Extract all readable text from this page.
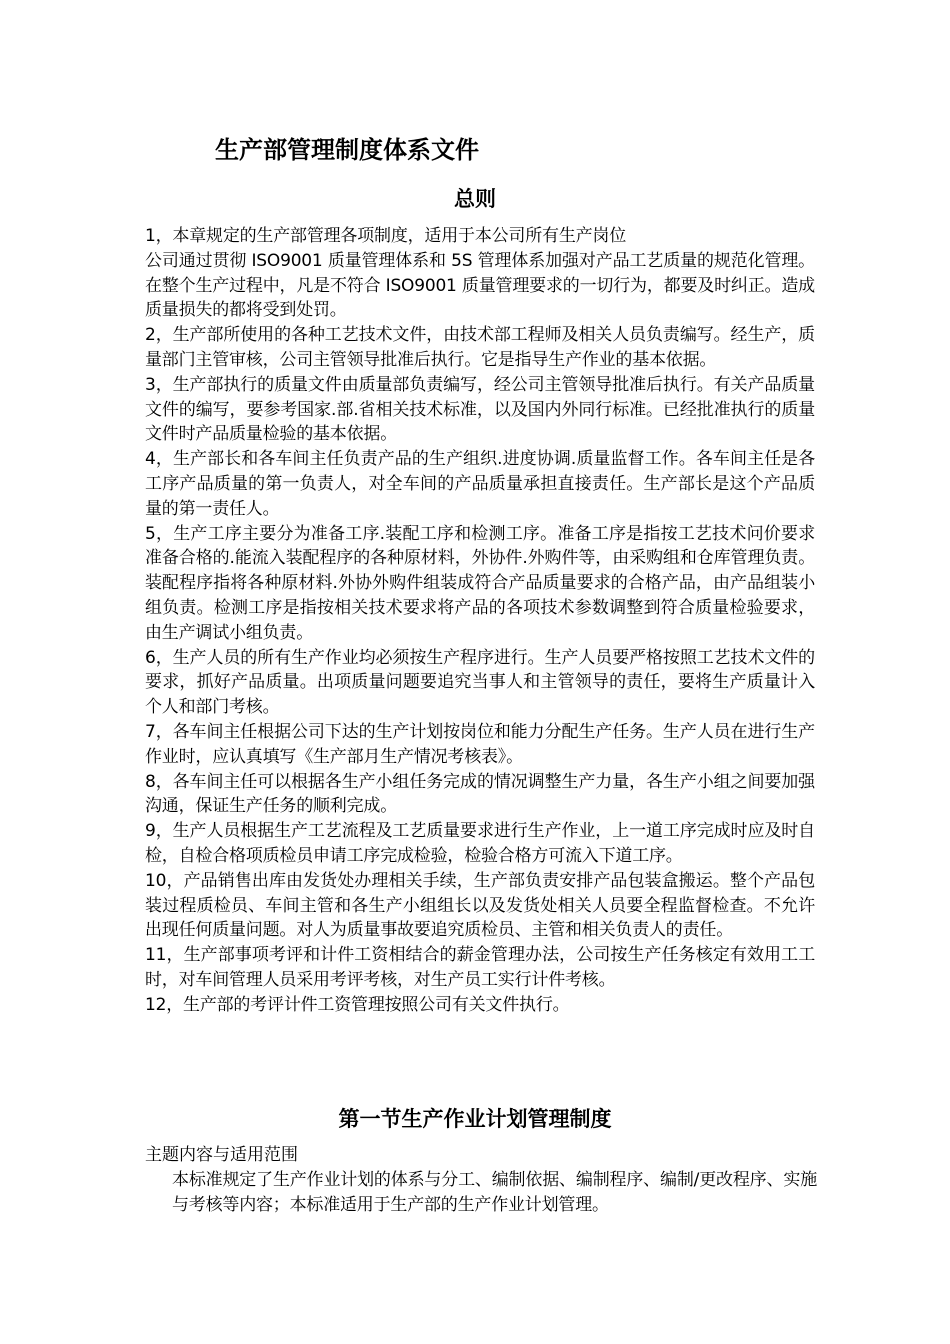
生产部管理制度体系文件
总则

1，本章规定的生产部管理各项制度，适用于本公司所有生产岗位

公司通过贯彻 ISO9001 质量管理体系和 5S 管理体系加强对产品工艺质量的规范化管理。在整个生产过程中，凡是不符合 ISO9001 质量管理要求的一切行为，都要及时纠正。造成质量损失的都将受到处罚。

2，生产部所使用的各种工艺技术文件，由技术部工程师及相关人员负责编写。经生产，质量部门主管审核，公司主管领导批准后执行。它是指导生产作业的基本依据。

3，生产部执行的质量文件由质量部负责编写，经公司主管领导批准后执行。有关产品质量文件的编写，要参考国家.部.省相关技术标准，以及国内外同行标准。已经批准执行的质量文件时产品质量检验的基本依据。

4，生产部长和各车间主任负责产品的生产组织.进度协调.质量监督工作。各车间主任是各工序产品质量的第一负责人，对全车间的产品质量承担直接责任。生产部长是这个产品质量的第一责任人。

5，生产工序主要分为准备工序.装配工序和检测工序。准备工序是指按工艺技术问价要求准备合格的.能流入装配程序的各种原材料，外协件.外购件等，由采购组和仓库管理负责。装配程序指将各种原材料.外协外购件组装成符合产品质量要求的合格产品，由产品组装小组负责。检测工序是指按相关技术要求将产品的各项技术参数调整到符合质量检验要求，由生产调试小组负责。

6，生产人员的所有生产作业均必须按生产程序进行。生产人员要严格按照工艺技术文件的要求，抓好产品质量。出项质量问题要追究当事人和主管领导的责任，要将生产质量计入个人和部门考核。

7，各车间主任根据公司下达的生产计划按岗位和能力分配生产任务。生产人员在进行生产作业时，应认真填写《生产部月生产情况考核表》。

8，各车间主任可以根据各生产小组任务完成的情况调整生产力量，各生产小组之间要加强沟通，保证生产任务的顺利完成。

9，生产人员根据生产工艺流程及工艺质量要求进行生产作业，上一道工序完成时应及时自检，自检合格项质检员申请工序完成检验，检验合格方可流入下道工序。

10，产品销售出库由发货处办理相关手续，生产部负责安排产品包装盒搬运。整个产品包装过程质检员、车间主管和各生产小组组长以及发货处相关人员要全程监督检查。不允许出现任何质量问题。对人为质量事故要追究质检员、主管和相关负责人的责任。

11，生产部事项考评和计件工资相结合的薪金管理办法，公司按生产任务核定有效用工工时，对车间管理人员采用考评考核，对生产员工实行计件考核。

12，生产部的考评计件工资管理按照公司有关文件执行。

第一节生产作业计划管理制度

主题内容与适用范围

本标准规定了生产作业计划的体系与分工、编制依据、编制程序、编制/更改程序、实施与考核等内容；本标准适用于生产部的生产作业计划管理。
